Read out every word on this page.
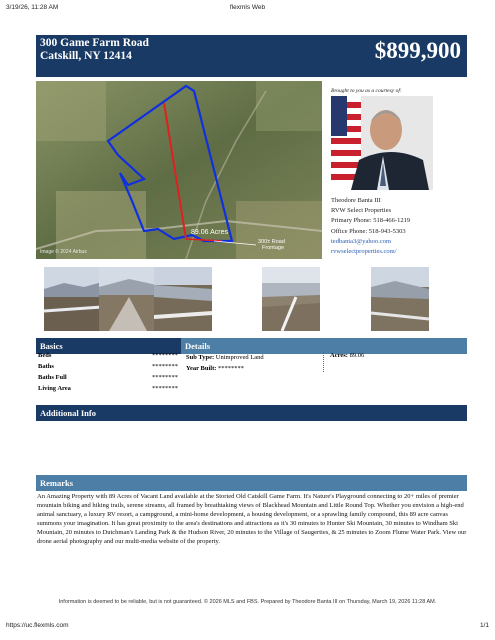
3/19/26, 11:28 AM	flexmls Web
300 Game Farm Road
Catskill, NY 12414	$899,900
89.06 Acres
300± Road
Frontage
Image © 2024 Airbus
Brought to you as a courtesy of:
Theodore Banta III
RVW Select Properties
Primary Phone: 518-466-1219
Office Phone: 518-943-5303
tedbanta3@yahoo.com
rvwselectproperties.com/
Basics	Details
Beds	********
Baths	********
Baths Full	********
Living Area	********
Sub Type: Unimproved Land
Year Built: ********
Acres: 89.06
Additional Info
Remarks
An Amazing Property with 89 Acres of Vacant Land available at the Storied Old Catskill Game Farm. It's Nature's Playground connecting to 20+ miles of premier mountain biking and hiking trails, serene streams, all framed by breathtaking views of Blackhead Mountain and Little Round Top. Whether you envision a high-end animal sanctuary, a luxury RV resort, a campground, a mini-home development, a housing development, or a sprawling family compound, this 89 acre canvas summons your imagination. It has great proximity to the area's destinations and attractions as it's 30 minutes to Hunter Ski Mountain, 30 minutes to Windham Ski Mountain, 20 minutes to Dutchman's Landing Park & the Hudson River, 20 minutes to the Village of Saugerties, & 25 minutes to Zoom Flume Water Park. View our drone aerial photography and our multi-media website of the property.
Information is deemed to be reliable, but is not guaranteed. © 2026 MLS and FBS. Prepared by Theodore Banta III on Thursday, March 19, 2026 11:28 AM.
https://uc.flexmls.com	1/1
